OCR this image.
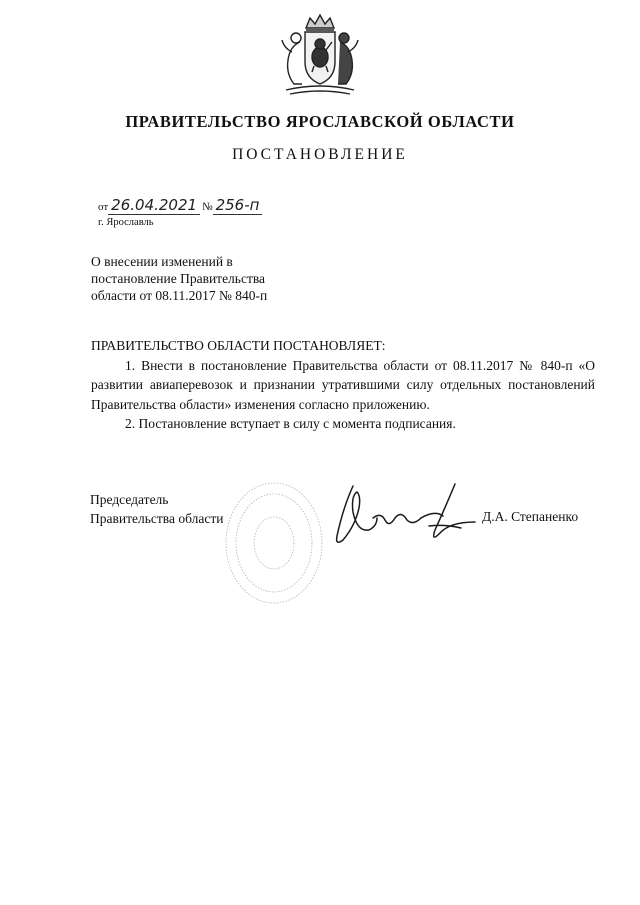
ПРАВИТЕЛЬСТВО ЯРОСЛАВСКОЙ ОБЛАСТИ
ПОСТАНОВЛЕНИЕ
от 26.04.2021 № 256-п
г. Ярославль
О внесении изменений в
постановление Правительства
области от 08.11.2017 № 840-п
ПРАВИТЕЛЬСТВО ОБЛАСТИ ПОСТАНОВЛЯЕТ:
1. Внести в постановление Правительства области от 08.11.2017 № 840-п «О развитии авиаперевозок и признании утратившими силу отдельных постановлений Правительства области» изменения согласно приложению.
2. Постановление вступает в силу с момента подписания.
Председатель
Правительства области	Д.А. Степаненко
